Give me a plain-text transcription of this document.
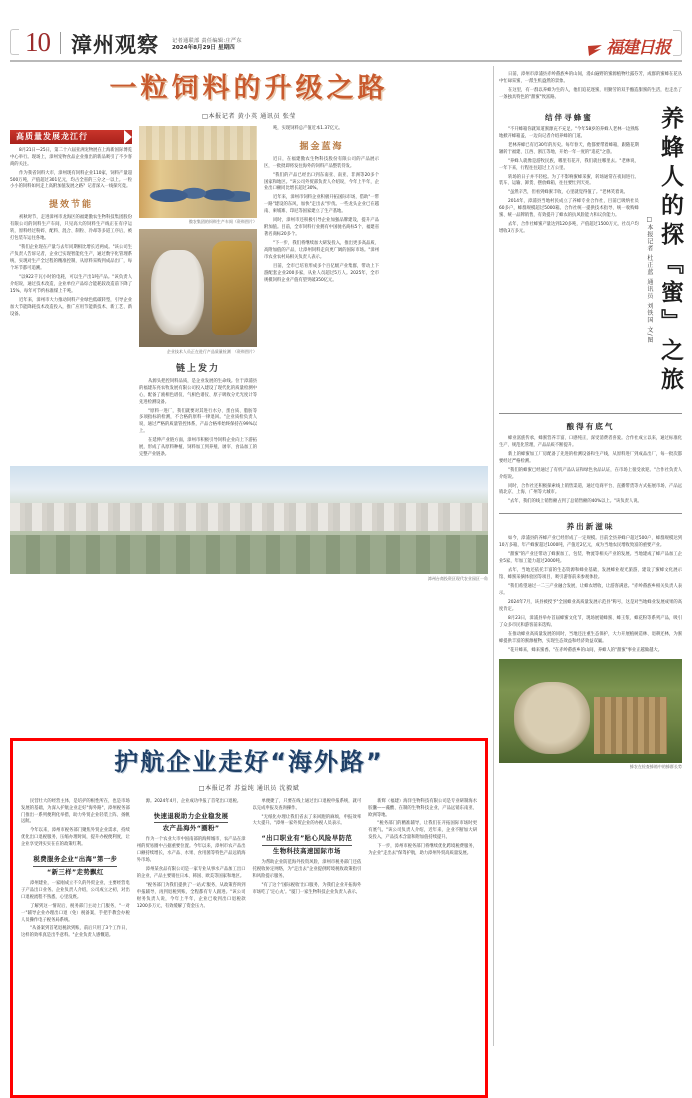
10 漳州观察	记者通联部 责任编辑:庄严东
2024年8月29日 星期四	福建日报
一粒饲料的升级之路
□本报记者 黄小英 通讯员 张莹
高质量发展龙江行

8月21日—25日，第二十六届亚洲宠物展在上海新国际博览中心举行。现场上，漳州宠物食品企业推出的新品吸引了不少客商的关注。

作为我省饲料大市，漳州现有饲料企业110家，饲料产量超500万吨，产值超过301亿元，均占全省的三分之一以上。一粒小小的饲料如何走上高附加值发展之路？记者深入一线探究竟。

提效节能

初秋时节，走进漳州市龙海区的福建傲农生物科技集团股份有限公司的饲料生产车间，只见高大的饲料生产线正在有序运转，原料经过粉碎、配料、混合、制粒、冷却等多道工序后，被打包装车运往各地。

"我们企业现在产量与去年同期相比增长近两成。"该公司生产负责人告诉记者，企业已实现智能化生产，通过数字化管理系统，实现对生产全过程的精准控制，从原料采购到成品出厂，每个环节都可追溯。

"以922千瓦小时的电耗，可以生产出1吨产品。"该负责人介绍说，通过技术改造，企业单位产品综合能耗较改造前下降了15%，每年可节约标准煤上千吨。

近年来，漳州市大力推动饲料产业绿色低碳转型，引导企业加大节能降耗技术改造投入，推广应用节能新技术、新工艺、新设备。

傲农集团的饲料生产车间（资料图片）
企业技术人员正在进行产品质量检测　（资料图片）
链上发力

从源头把控饲料品质，是企业发展的生命线。位于漳浦县的福建东亮农牧发展有限公司投入建设了现代化的质量检测中心，配备了液相色谱仪、气相色谱仪、原子吸收分光光度计等先进检测设备。

"原料一进厂，我们就要对其进行水分、蛋白质、脂肪等多项指标的检测，不合格的原料一律退回。"企业质检负责人说，通过严格的质量管控体系，产品合格率始终保持在99%以上。

在延伸产业链方面，漳州市积极引导饲料企业向上下游拓展，形成了从原料种植、饲料加工到养殖、屠宰、食品加工的完整产业链条。

吨，实现饲料总产值近本1.37亿元。

掘金蓝海

近日，在福建傲农生物科技股份有限公司的产品展示区，一批批即将发往海外的饲料产品整装待发。

"我们的产品已经出口到东南亚、南亚、非洲等20多个国家和地区。"该公司外贸部负责人介绍说，今年上半年，企业出口额同比增长超过30%。

近年来，漳州市饲料企业积极开拓国际市场，借助"一带一路"建设的东风，加快"走出去"步伐。一些龙头企业已在越南、柬埔寨、印尼等国家建立了生产基地。

同时，漳州市还积极引导企业加强品牌建设，提升产品附加值。目前，全市饲料行业拥有中国驰名商标5个、福建省著名商标20多个。

"下一步，我们将继续加大研发投入，推出更多高品质、高附加值的产品，让漳州饲料走向更广阔的国际市场。"漳州市农业农村局相关负责人表示。

目前，全市已培育形成多个百亿级产业集群，带动上下游配套企业200多家，从业人员超过5万人。2025年，全市规模饲料企业产值有望突破350亿元。

漳州台商投资区现代农业园区一角
护航企业走好“海外路”
□本报记者 苏益纯 通讯员 沈毅斌

民营壮大的经营主体，是培护的根性所在，也是市场发展的基础，为深入护航企业走好"海外路"，漳州税务部门推出一系列便利化举措，助力外贸企业轻装上阵、扬帆远航。

今年以来，漳州市税务部门聚焦外贸企业需求，持续优化出口退税服务，压缩办理时间，提升办税便利度，让企业享受到实实在在的政策红利。

税费服务企业“出海”第一步
“新三样”走势飘红

漳州建业，一家刚成立不久的外贸企业，主要经营电子产品出口业务。企业负责人介绍，公司成立之初，对出口退税流程不熟悉，心里没底。

了解到这一情况后，税务部门主动上门服务，"一对一"辅导企业办理出口退（免）税备案，手把手教会办税人员操作电子税务局系统。

"从备案到首笔退税款到账，前后只用了3个工作日，这样的效率真是出乎意料。"企业负责人感慨道。

源。2024年4月，企业成功申报了首笔出口退税。

快速退税助力企业稳发展
农产品海外“圈粉”

作为一个农业大市中国南部的海鲜城市，农产品在漳州的贸易圈中占据重要位置。今年以来，漳州市农产品出口额持续增长，水产品、水果、食用菌等特色产品远销海外市场。

漳州某食品有限公司是一家专业从事水产品加工出口的企业，产品主要销往日本、韩国、欧美等国家和地区。

"税务部门为我们提供了'一站式'服务，从政策咨询到申报辅导，再到退税到账，全程都有专人跟进。"该公司财务负责人说，今年上半年，企业已收到出口退税款1200多万元，有效缓解了资金压力。

单便捷了，只要在线上通过出口退税申报系统，就可以完成申报及查询操作。

"无纸化办理让我们省去了来回跑的麻烦，申报效率大大提升。"漳州一家外贸企业的办税人员表示。

“出口职业有”贴心风险早防范
生物科技高速国际市场

为帮助企业防范海外投资风险，漳州市税务部门还依托税收协定网络，为"走出去"企业提供跨境税收政策指引和风险提示服务。

"有了这个'国际税收'出口服务，为我们企业开拓海外市场吃了'定心丸'。"厦门一家生物科技企业负责人表示。

新辉（福建）海洋生物科技有限公司是专业研制海水胶囊——藻酸、在制的生物科技企业，产品远销东南亚、欧洲等地。

"税务部门的精准辅导，让我们在开拓国际市场时更有底气。"该公司负责人介绍，近年来，企业不断加大研发投入，产品技术含量和附加值持续提升。

下一步，漳州市税务部门将继续优化跨境税费服务，为企业"走出去"保驾护航，助力漳州外贸高质量发展。

日前，漳州市漳浦县赤岭畲族乡的山间，漫山遍野的蜜源植物吐露芬芳，成群的蜜蜂在花丛中忙碌采蜜，一派生机盎然的景象。

在这里，有一群以养蜂为生的人，他们追花逐蜜，用勤劳的双手酿造甜蜜的生活，也走出了一条独具特色的"甜蜜"致富路。

养蜂人的探『蜜』之旅
□本报记者 杜正蓝 通讯员 刘铁国 文/图
结伴寻蜂蜜

"不开蜂箱你就知道蜜源充不充足。"今年58岁的养蜂人老林一边熟练地掀开蜂箱盖，一边向记者介绍养蜂的门道。

老林养蜂已有近30年的历史。每年春天，他都要带着蜂箱，跟随花期辗转于福建、江西、浙江等地，开始一年一度的"追花"之旅。

"养蜂人就像是游牧民族，哪里有花开，我们就往哪里去。"老林说，一年下来，行程往往超过上万公里。

转场的日子并不轻松。为了不影响蜜蜂采蜜，转场通常在夜间进行。装车、运输、卸货、摆放蜂箱，往往要忙到天亮。

"虽然辛苦，但看到蜂蜜丰收，心里就觉得值了。"老林笑着说。

2014年，漳浦县当地村民成立了养蜂专业合作社，目前已吸纳社员60多户，蜂群规模超过5000箱。合作社统一提供技术指导、统一收购蜂蜜、统一品牌销售，有效提升了蜂农的抗风险能力和议价能力。

去年，合作社蜂蜜产量达到120多吨，产值超过1500万元，社员户均增收3万多元。

酿得有底气

蜂业富族传承，蜂蜜营养丰富、口感纯正，深受消费者喜爱。合作社成立以来，通过标准化生产、规范化管理，产品品质不断提升。

新上的蜂蜜加工厂房配备了先进的检测设备和生产线，从原料进厂到成品出厂，每一批次都要经过严格检测。

"我们的蜂蜜已经通过了有机产品认证和绿色食品认证，在市场上很受欢迎。"合作社负责人介绍说。

同时，合作社还积极探索线上销售渠道，通过电商平台、直播带货等方式拓展市场，产品远销北京、上海、广州等大城市。

"去年，我们的线上销售额占到了总销售额的40%以上。"该负责人说。

养出新滋味

如今，漳浦县的养蜂产业已经形成了一定规模。目前全县养蜂户超过500户，蜂群规模达到10万多箱，年产蜂蜜超过1000吨，产值近2亿元，成为当地农民增收致富的重要产业。

"甜蜜"的产业还带动了蜂蜜加工、包装、物流等相关产业的发展。当地建成了蜂产品加工企业5家，年加工能力超过2000吨。

去年，当地还依托丰富的生态资源和蜂业基础，发展蜂业观光旅游，建设了蜜蜂文化展示馆、蜂蜜采摘体验园等项目，吸引游客前来参观体验。

"我们希望通过一二三产业融合发展，让蜂农增收，让游客满意。"赤岭畲族乡相关负责人表示。

2024年7月，该县被授予"全国蜂业高质量发展示范县"称号，这是对当地蜂业发展成果的高度肯定。

8月23日，漳浦县举办首届蜂蜜文化节，现场展销蜂蜜、蜂王浆、蜂花粉等系列产品，吸引了众多市民和游客前来选购。

在推动蜂业高质量发展的同时，当地还注重生态保护，大力开展植树造林、退耕还林，为蜜蜂提供丰富的蜜源植物，实现生态效益和经济效益双赢。

"花开蜂来，蜂来蜜香。"在赤岭畲族乡的山间，养蜂人的"甜蜜"事业正越做越大。

蜂农在检查蜂箱中的蜂群长势
